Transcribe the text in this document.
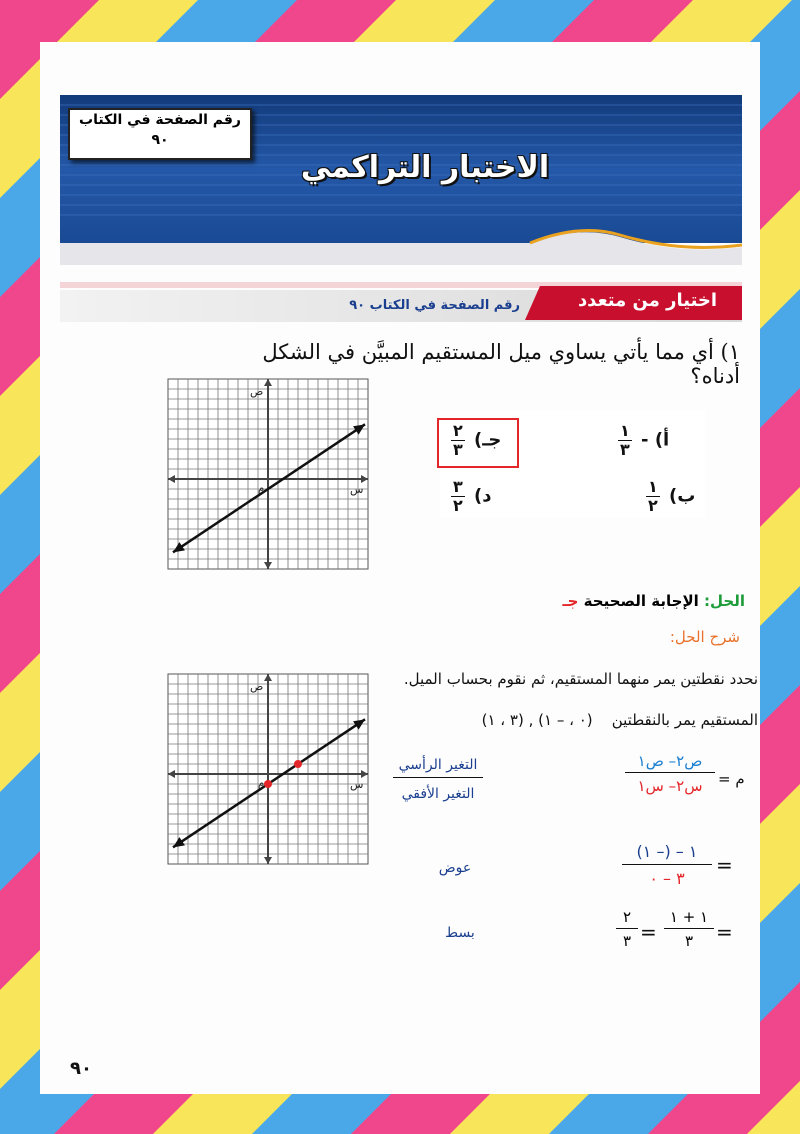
رقم الصفحة في الكتاب
٩٠
الاختبار التراكمي
اختيار من متعدد
رقم الصفحة في الكتاب ٩٠
١) أي مما يأتي يساوي ميل المستقيم المبيَّن في الشكل أدناه؟
ص
س
م
أ) -
$\frac{١}{٣}$
ب)
$\frac{١}{٢}$
جـ)
$\frac{٢}{٣}$
د)
$\frac{٣}{٢}$
الحل: الإجابة الصحيحة جـ
شرح الحل:
نحدد نقطتين يمر منهما المستقيم، ثم نقوم بحساب الميل.
المستقيم يمر بالنقطتين    (٠ ، – ١) , (٣ ، ١)
ص
س
م	م =
ص٢– ص١
س٢– س١
التغير الرأسي
التغير الأفقي
١ – (– ١)
٣ – ٠
=
عوض
=
١ + ١
٣
=
٢
٣
بسط
٩٠
